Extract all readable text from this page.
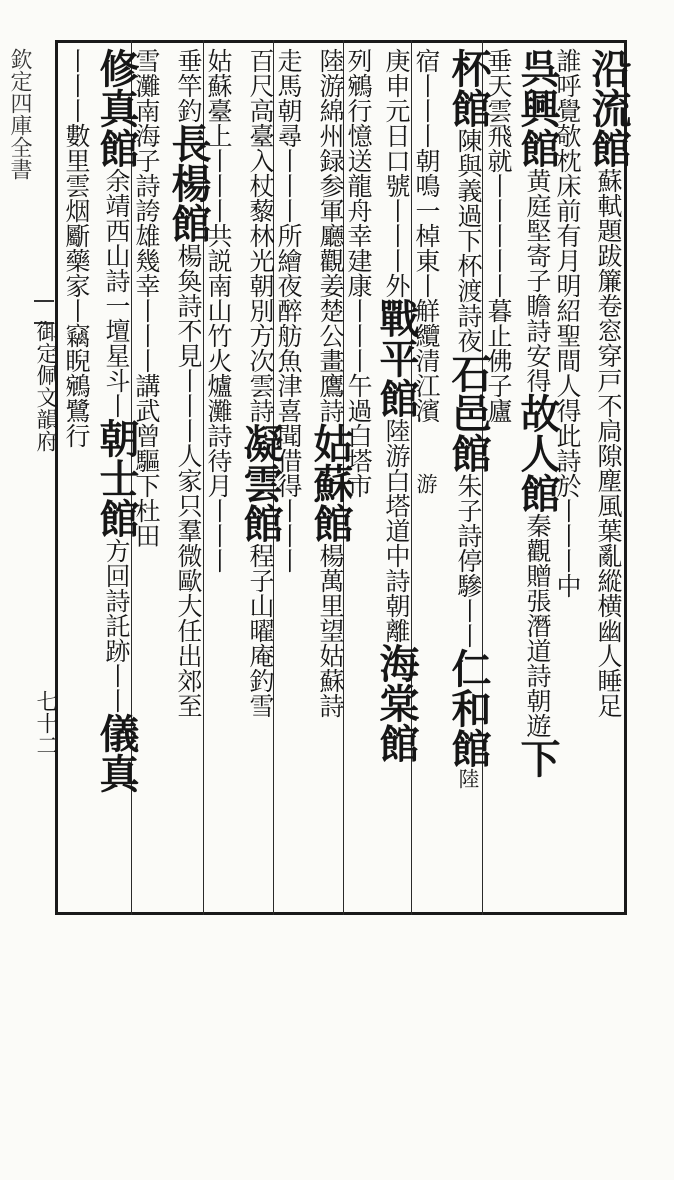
欽定四庫全書
御定佩文韻府
七十二
沿流館蘇軾題跋簾卷窓穿戸不扃隙塵風葉亂縱横幽人睡足
誰呼覺欹枕床前有月明紹聖間人得此詩於丨丨丨中
呉興館黄庭堅寄子瞻詩安得故人館秦觀贈張潛道詩朝遊下
垂天雲飛就丨丨丨丨丨暮止佛子廬
杯館陳與義過下杯渡詩夜石邑館朱子詩停驂丨丨仁和館陸
宿丨丨丨朝鳴一棹東丨觧纜清江濱　　游
庚申元日口號丨丨丨外戰平館陸游白塔道中詩朝離海棠館
列鵷行憶送龍舟幸建康丨丨丨午過白塔市
陸游綿州録参軍廳觀姜楚公畫鷹詩姑蘇館楊萬里望姑蘇詩
走馬朝尋丨丨丨所繪夜醉舫魚津喜聞借得丨丨丨
百尺高臺入杖藜林光朝別方次雲詩凝雲館程子山曜庵釣雪
姑蘇臺上丨丨丨共説南山竹火爐灘詩待月丨丨丨
垂竿釣長楊館楊奐詩不見丨丨丨人家只羣微歐大任出郊至
雪灘南海子詩誇雄幾幸丨丨丨講武曾驅下杜田
修真館余靖西山詩一壇星斗丨朝士館方回詩託跡丨丨儀真
丨丨丨數里雲烟斸藥家丨竊睨鵷鷺行
